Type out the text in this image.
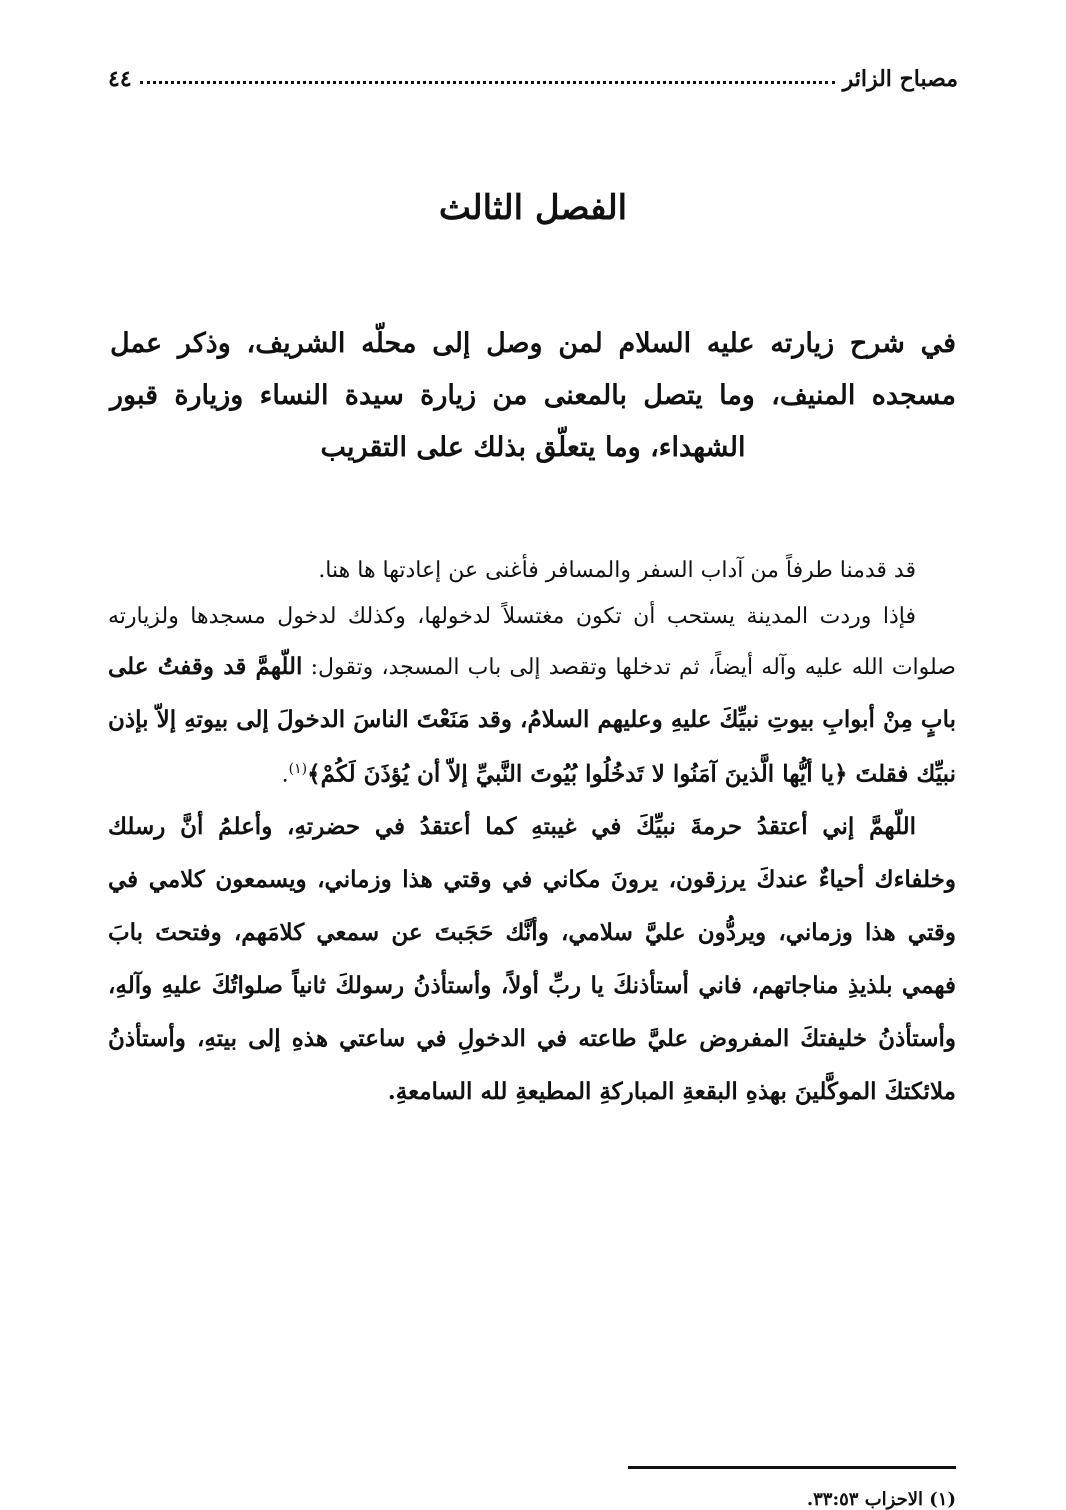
مصباح الزائر
٤٤
الفصل الثالث
في شرح زيارته عليه السلام لمن وصل إلى محلّه الشريف، وذكر عمل مسجده المنيف، وما يتصل بالمعنى من زيارة سيدة النساء وزيارة قبور الشهداء، وما يتعلّق بذلك على التقريب

قد قدمنا طرفاً من آداب السفر والمسافر فأغنى عن إعادتها ها هنا.

فإذا وردت المدينة يستحب أن تكون مغتسلاً لدخولها، وكذلك لدخول مسجدها ولزيارته صلوات الله عليه وآله أيضاً، ثم تدخلها وتقصد إلى باب المسجد، وتقول: اللّهمَّ قد وقفتُ على بابٍ مِنْ أبوابِ بيوتِ نبيِّكَ عليهِ وعليهم السلامُ، وقد مَنَعْتَ الناسَ الدخولَ إلى بيوتهِ إلاّ بإذن نبيِّك فقلتَ ﴿يا أيُّها الَّذينَ آمَنُوا لا تَدخُلُوا بُيُوتَ النَّبيِّ إلاّ أن يُؤذَنَ لَكُمْ﴾$^{(١)}$.

اللّهمَّ إني أعتقدُ حرمةَ نبيِّكَ في غيبتهِ كما أعتقدُ في حضرتهِ، وأعلمُ أنَّ رسلك وخلفاءك أحياءٌ عندكَ يرزقون، يرونَ مكاني في وقتي هذا وزماني، ويسمعون كلامي في وقتي هذا وزماني، ويردُّون عليَّ سلامي، وأنَّك حَجَبتَ عن سمعي كلامَهم، وفتحتَ بابَ فهمي بلذيذِ مناجاتهم، فاني أستأذنكَ يا ربِّ أولاً، وأستأذنُ رسولكَ ثانياً صلواتُكَ عليهِ وآلهِ، وأستأذنُ خليفتكَ المفروض عليَّ طاعته في الدخولِ في ساعتي هذهِ إلى بيتهِ، وأستأذنُ ملائكتكَ الموكَّلينَ بهذهِ البقعةِ المباركةِ المطيعةِ لله السامعةِ.

(١) الاحزاب ٣٣:٥٣.
